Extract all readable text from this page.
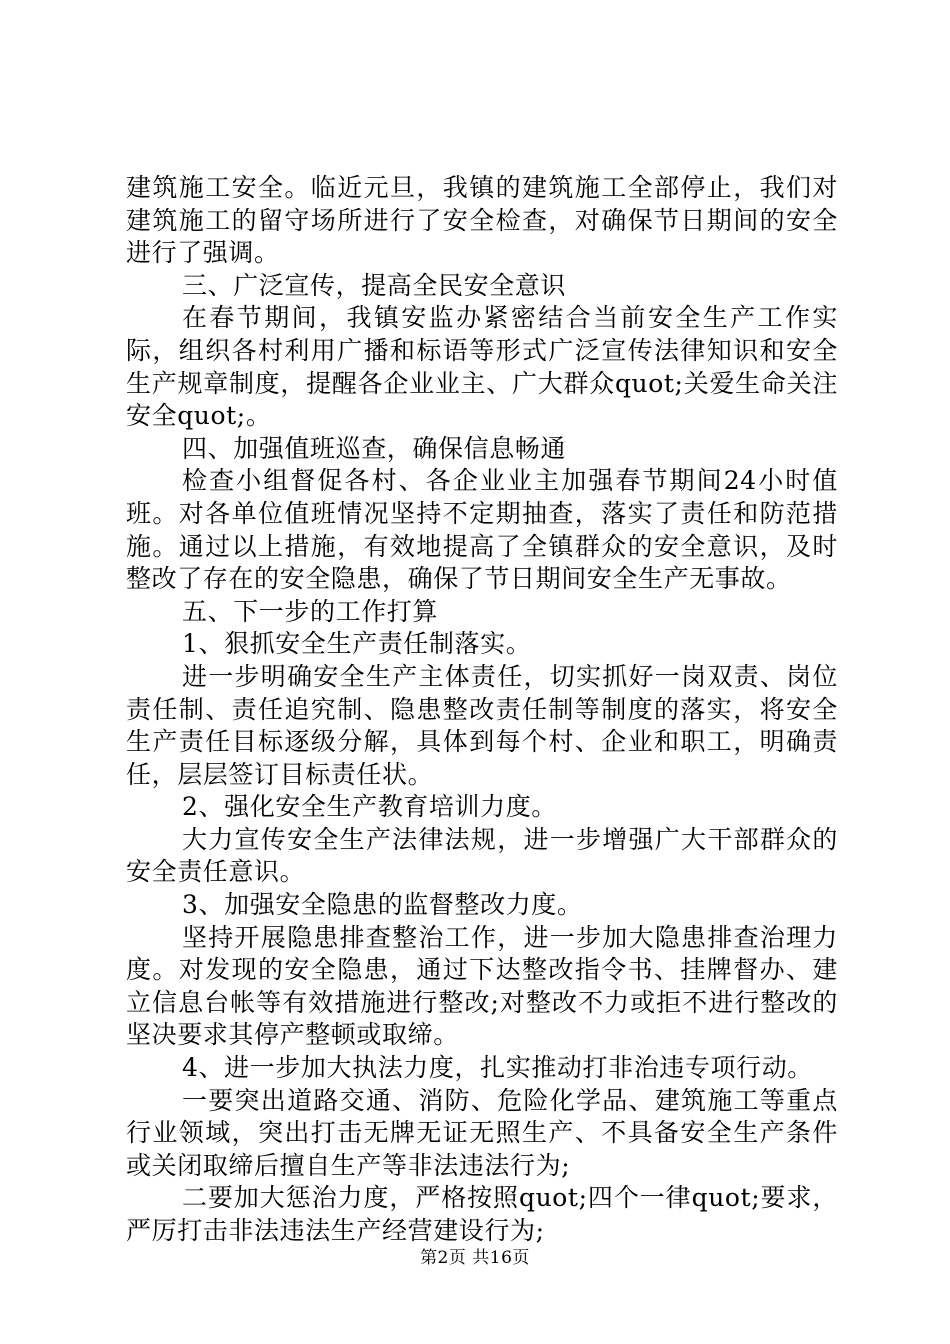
建筑施工安全。临近元旦，我镇的建筑施工全部停止，我们对建筑施工的留守场所进行了安全检查，对确保节日期间的安全进行了强调。

三、广泛宣传，提高全民安全意识

在春节期间，我镇安监办紧密结合当前安全生产工作实际，组织各村利用广播和标语等形式广泛宣传法律知识和安全生产规章制度，提醒各企业业主、广大群众quot;关爱生命关注安全quot;。

四、加强值班巡查，确保信息畅通

检查小组督促各村、各企业业主加强春节期间24小时值班。对各单位值班情况坚持不定期抽查，落实了责任和防范措施。通过以上措施，有效地提高了全镇群众的安全意识，及时整改了存在的安全隐患，确保了节日期间安全生产无事故。

五、下一步的工作打算

1、狠抓安全生产责任制落实。

进一步明确安全生产主体责任，切实抓好一岗双责、岗位责任制、责任追究制、隐患整改责任制等制度的落实，将安全生产责任目标逐级分解，具体到每个村、企业和职工，明确责任，层层签订目标责任状。

2、强化安全生产教育培训力度。

大力宣传安全生产法律法规，进一步增强广大干部群众的安全责任意识。

3、加强安全隐患的监督整改力度。

坚持开展隐患排查整治工作，进一步加大隐患排查治理力度。对发现的安全隐患，通过下达整改指令书、挂牌督办、建立信息台帐等有效措施进行整改;对整改不力或拒不进行整改的坚决要求其停产整顿或取缔。

4、进一步加大执法力度，扎实推动打非治违专项行动。

一要突出道路交通、消防、危险化学品、建筑施工等重点行业领域，突出打击无牌无证无照生产、不具备安全生产条件或关闭取缔后擅自生产等非法违法行为;

二要加大惩治力度，严格按照quot;四个一律quot;要求，严厉打击非法违法生产经营建设行为;

第2页 共16页
